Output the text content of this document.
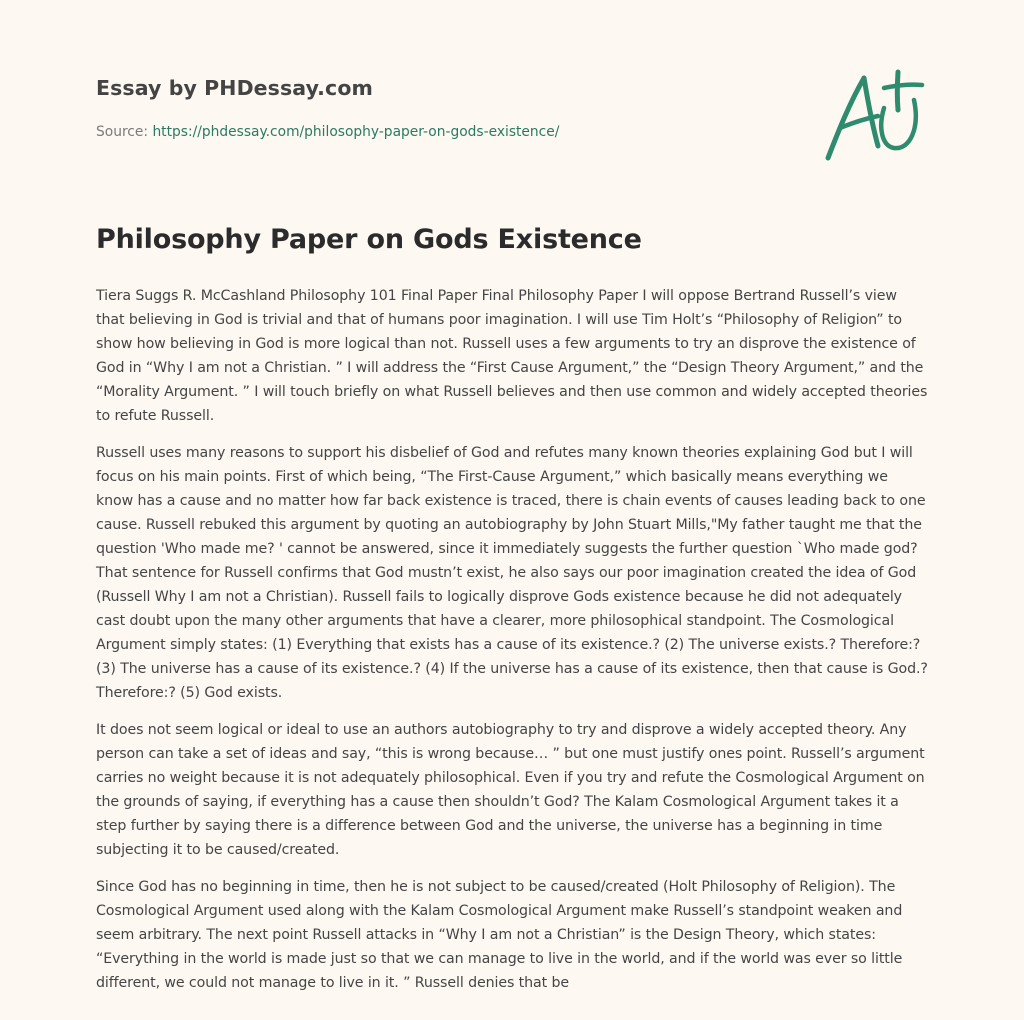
Essay by PHDessay.com
Source: https://phdessay.com/philosophy-paper-on-gods-existence/
Philosophy Paper on Gods Existence

Tiera Suggs R. McCashland Philosophy 101 Final Paper Final Philosophy Paper I will oppose Bertrand Russell’s view that believing in God is trivial and that of humans poor imagination. I will use Tim Holt’s “Philosophy of Religion” to show how believing in God is more logical than not. Russell uses a few arguments to try an disprove the existence of God in “Why I am not a Christian. ” I will address the “First Cause Argument,” the “Design Theory Argument,” and the “Morality Argument. ” I will touch briefly on what Russell believes and then use common and widely accepted theories to refute Russell.

Russell uses many reasons to support his disbelief of God and refutes many known theories explaining God but I will focus on his main points. First of which being, “The First-Cause Argument,” which basically means everything we know has a cause and no matter how far back existence is traced, there is chain events of causes leading back to one cause. Russell rebuked this argument by quoting an autobiography by John Stuart Mills,"My father taught me that the question 'Who made me? ' cannot be answered, since it immediately suggests the further question `Who made god? That sentence for Russell confirms that God mustn’t exist, he also says our poor imagination created the idea of God (Russell Why I am not a Christian). Russell fails to logically disprove Gods existence because he did not adequately cast doubt upon the many other arguments that have a clearer, more philosophical standpoint. The Cosmological Argument simply states: (1) Everything that exists has a cause of its existence.? (2) The universe exists.? Therefore:? (3) The universe has a cause of its existence.? (4) If the universe has a cause of its existence, then that cause is God.? Therefore:? (5) God exists.

It does not seem logical or ideal to use an authors autobiography to try and disprove a widely accepted theory. Any person can take a set of ideas and say, “this is wrong because… ” but one must justify ones point. Russell’s argument carries no weight because it is not adequately philosophical. Even if you try and refute the Cosmological Argument on the grounds of saying, if everything has a cause then shouldn’t God? The Kalam Cosmological Argument takes it a step further by saying there is a difference between God and the universe, the universe has a beginning in time subjecting it to be caused/created.

Since God has no beginning in time, then he is not subject to be caused/created (Holt Philosophy of Religion). The Cosmological Argument used along with the Kalam Cosmological Argument make Russell’s standpoint weaken and seem arbitrary. The next point Russell attacks in “Why I am not a Christian” is the Design Theory, which states: “Everything in the world is made just so that we can manage to live in the world, and if the world was ever so little different, we could not manage to live in it. ” Russell denies that be
